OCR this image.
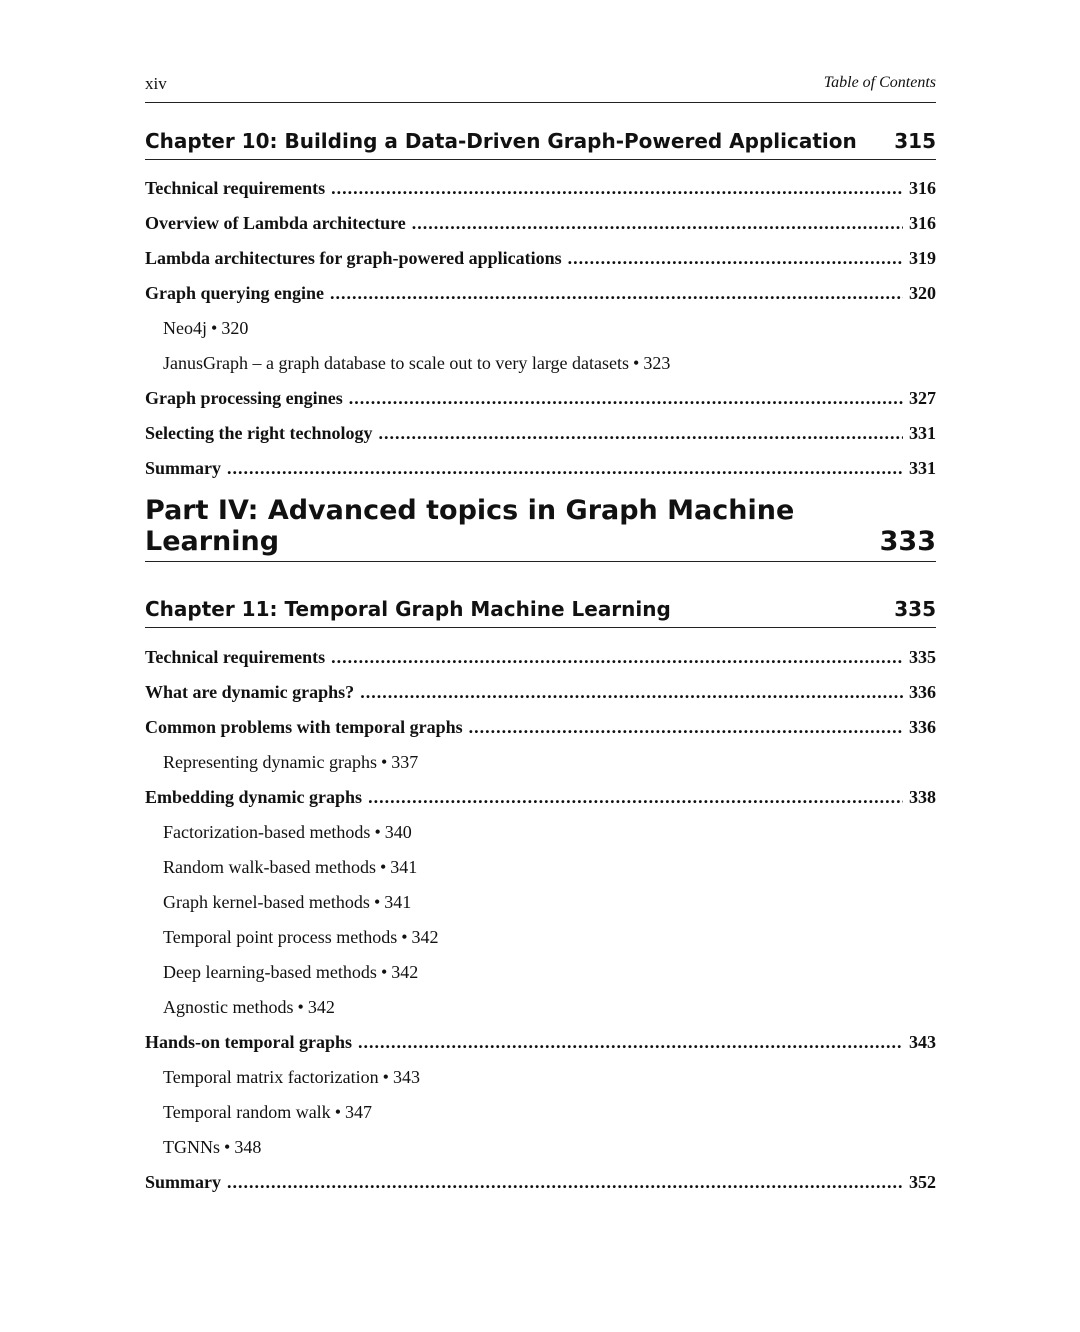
xiv	Table of Contents
Chapter 10: Building a Data-Driven Graph-Powered Application 315
Technical requirements .....	316
Overview of Lambda architecture .....	316
Lambda architectures for graph-powered applications .....	319
Graph querying engine .....	320
Neo4j • 320
JanusGraph – a graph database to scale out to very large datasets • 323
Graph processing engines .....	327
Selecting the right technology .....	331
Summary .....	331
Part IV: Advanced topics in Graph Machine Learning	333
Chapter 11: Temporal Graph Machine Learning	335
Technical requirements .....	335
What are dynamic graphs? .....	336
Common problems with temporal graphs .....	336
Representing dynamic graphs • 337
Embedding dynamic graphs .....	338
Factorization-based methods • 340
Random walk-based methods • 341
Graph kernel-based methods • 341
Temporal point process methods • 342
Deep learning-based methods • 342
Agnostic methods • 342
Hands-on temporal graphs .....	343
Temporal matrix factorization • 343
Temporal random walk • 347
TGNNs • 348
Summary .....	352
